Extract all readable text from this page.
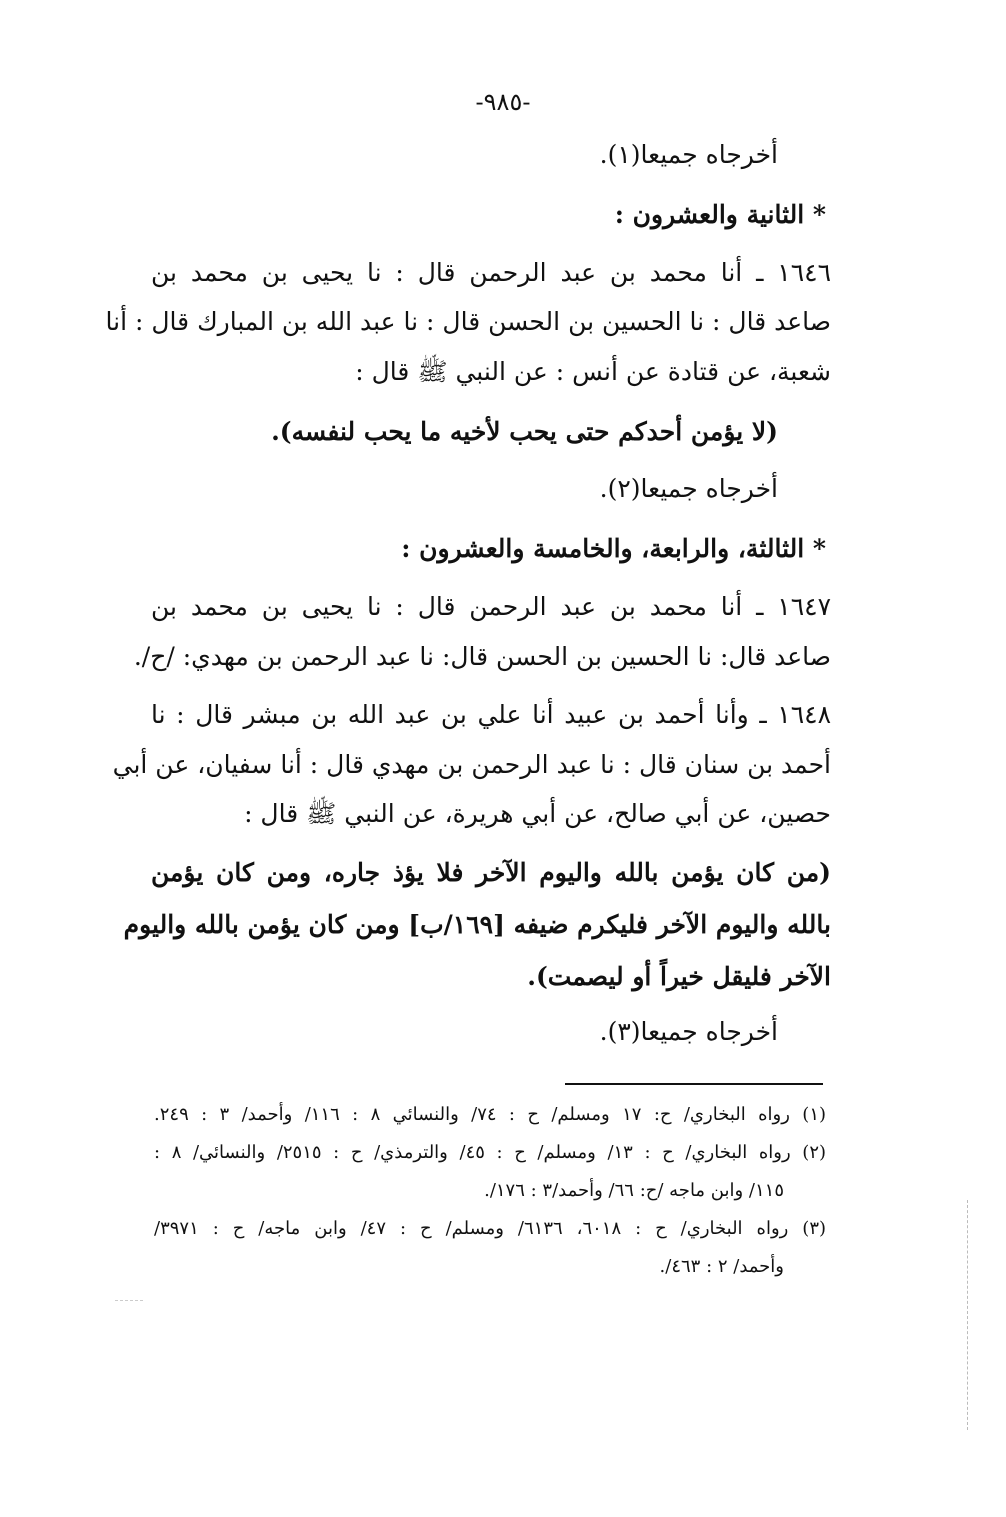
-٩٨٥-
أخرجاه جميعا(١).
* الثانية والعشرون :
١٦٤٦ ـ أنا محمد بن عبد الرحمن قال : نا يحيى بن محمد بن
صاعد قال : نا الحسين بن الحسن قال : نا عبد الله بن المبارك قال : أنا
شعبة، عن قتادة عن أنس : عن النبي ﷺ قال :
(لا يؤمن أحدكم حتى يحب لأخيه ما يحب لنفسه).
أخرجاه جميعا(٢).
* الثالثة، والرابعة، والخامسة والعشرون :
١٦٤٧ ـ أنا محمد بن عبد الرحمن قال : نا يحيى بن محمد بن
صاعد قال: نا الحسين بن الحسن قال: نا عبد الرحمن بن مهدي: /ح/.
١٦٤٨ ـ وأنا أحمد بن عبيد أنا علي بن عبد الله بن مبشر قال : نا
أحمد بن سنان قال : نا عبد الرحمن بن مهدي قال : أنا سفيان، عن أبي
حصين، عن أبي صالح، عن أبي هريرة، عن النبي ﷺ قال :
(من كان يؤمن بالله واليوم الآخر فلا يؤذ جاره، ومن كان يؤمن
بالله واليوم الآخر فليكرم ضيفه [١٦٩/ب] ومن كان يؤمن بالله واليوم
الآخر فليقل خيراً أو ليصمت).
أخرجاه جميعا(٣).
(١) رواه البخاري/ ح: ١٧ ومسلم/ ح : ٧٤/ والنسائي ٨ : ١١٦/ وأحمد/ ٣ : ٢٤٩.
(٢) رواه البخاري/ ح : ١٣/ ومسلم/ ح : ٤٥/ والترمذي/ ح : ٢٥١٥/ والنسائي/ ٨ :
١١٥/ وابن ماجه /ح: ٦٦/ وأحمد/٣ : ١٧٦/.
(٣) رواه البخاري/ ح : ٦٠١٨، ٦١٣٦/ ومسلم/ ح : ٤٧/ وابن ماجه/ ح : ٣٩٧١/
وأحمد/ ٢ : ٤٦٣/.
